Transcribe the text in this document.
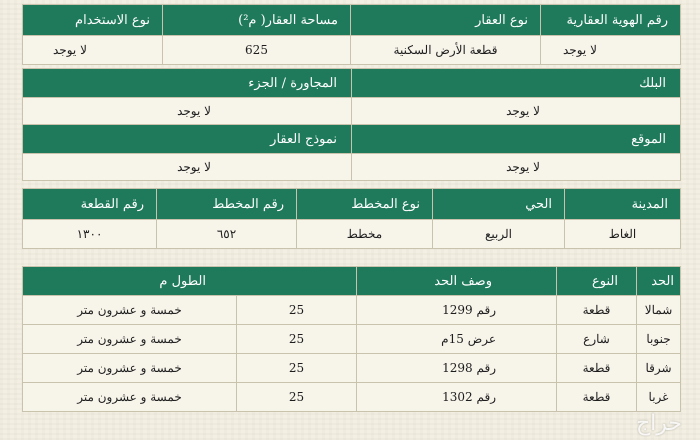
رقم الهوية العقارية	نوع العقار	مساحة العقار( م²)	نوع الاستخدام
لا يوجد	قطعة الأرض السكنية	625	لا يوجد
البلك	المجاورة / الجزء
لا يوجد	لا يوجد
الموقع	نموذج العقار
لا يوجد	لا يوجد
المدينة	الحي	نوع المخطط	رقم المخطط	رقم القطعة
الغاط	الربيع	مخطط	٦٥٢	١٣٠٠
الحد	النوع	وصف الحد	الطول م	
شمالا	قطعة	رقم 1299	25	خمسة و عشرون متر
جنوبا	شارع	عرض 15م	25	خمسة و عشرون متر
شرقا	قطعة	رقم 1298	25	خمسة و عشرون متر
غربا	قطعة	رقم 1302	25	خمسة و عشرون متر
حراج
